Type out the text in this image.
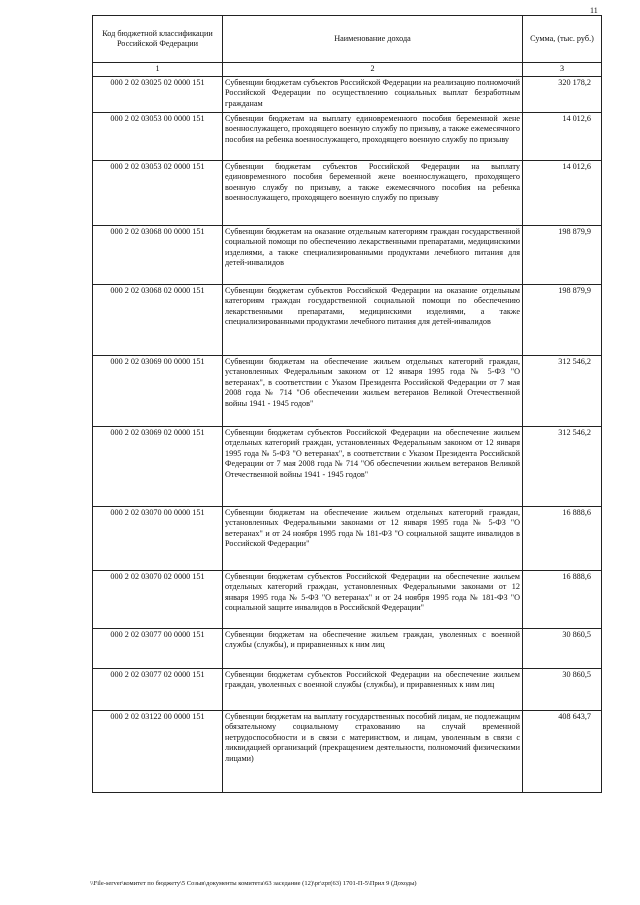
11
Код бюджетной классификации Российской Федерации	Наименование дохода	Сумма, (тыс. руб.)
1	2	3
000 2 02 03025 02 0000 151	Субвенции бюджетам субъектов Российской Федерации на реализацию полномочий Российской Федерации по осуществлению социальных выплат безработным гражданам	320 178,2
000 2 02 03053 00 0000 151	Субвенции бюджетам на выплату единовременного пособия беременной жене военнослужащего, проходящего военную службу по призыву, а также ежемесячного пособия на ребенка военнослужащего, проходящего военную службу по призыву	14 012,6
000 2 02 03053 02 0000 151	Субвенции бюджетам субъектов Российской Федерации на выплату единовременного пособия беременной жене военнослужащего, проходящего военную службу по призыву, а также ежемесячного пособия на ребенка военнослужащего, проходящего военную службу по призыву	14 012,6
000 2 02 03068 00 0000 151	Субвенции бюджетам на оказание отдельным категориям граждан государственной социальной помощи по обеспечению лекарственными препаратами, медицинскими изделиями, а также специализированными продуктами лечебного питания для детей-инвалидов	198 879,9
000 2 02 03068 02 0000 151	Субвенции бюджетам субъектов Российской Федерации на оказание отдельным категориям граждан государственной социальной помощи по обеспечению лекарственными препаратами, медицинскими изделиями, а также специализированными продуктами лечебного питания для детей-инвалидов	198 879,9
000 2 02 03069 00 0000 151	Субвенции бюджетам на обеспечение жильем отдельных категорий граждан, установленных Федеральным законом от 12 января 1995 года № 5-ФЗ "О ветеранах", в соответствии с Указом Президента Российской Федерации от 7 мая 2008 года № 714 "Об обеспечении жильем ветеранов Великой Отечественной войны 1941 - 1945 годов"	312 546,2
000 2 02 03069 02 0000 151	Субвенции бюджетам субъектов Российской Федерации на обеспечение жильем отдельных категорий граждан, установленных Федеральным законом от 12 января 1995 года № 5-ФЗ "О ветеранах", в соответствии с Указом Президента Российской Федерации от 7 мая 2008 года № 714 "Об обеспечении жильем ветеранов Великой Отечественной войны 1941 - 1945 годов"	312 546,2
000 2 02 03070 00 0000 151	Субвенции бюджетам на обеспечение жильем отдельных категорий граждан, установленных Федеральными законами от 12 января 1995 года № 5-ФЗ "О ветеранах" и от 24 ноября 1995 года № 181-ФЗ "О социальной защите инвалидов в Российской Федерации"	16 888,6
000 2 02 03070 02 0000 151	Субвенции бюджетам субъектов Российской Федерации на обеспечение жильем отдельных категорий граждан, установленных Федеральными законами от 12 января 1995 года № 5-ФЗ "О ветеранах" и от 24 ноября 1995 года № 181-ФЗ "О социальной защите инвалидов в Российской Федерации"	16 888,6
000 2 02 03077 00 0000 151	Субвенции бюджетам на обеспечение жильем граждан, уволенных с военной службы (службы), и приравненных к ним лиц	30 860,5
000 2 02 03077 02 0000 151	Субвенции бюджетам субъектов Российской Федерации на обеспечение жильем граждан, уволенных с военной службы (службы), и приравненных к ним лиц	30 860,5
000 2 02 03122 00 0000 151	Субвенции бюджетам на выплату государственных пособий лицам, не подлежащим обязательному социальному страхованию на случай временной нетрудоспособности и в связи с материнством, и лицам, уволенным в связи с ликвидацией организаций (прекращением деятельности, полномочий физическими лицами)	408 643,7
\\File-server\комитет по бюджету\5 Созыв\документы комитета\63 заседание (12)\pr\zpr(63) 1701-П-5\Прил 9 (Доходы)
